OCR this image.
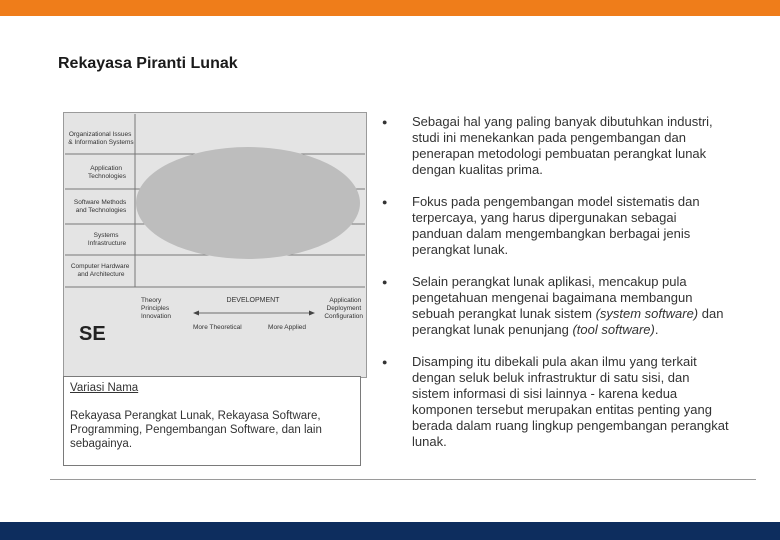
Rekayasa Piranti Lunak
Organizational Issues & Information Systems
Application Technologies
Software Methods and Technologies
Systems Infrastructure
Computer Hardware and Architecture
Theory Principles Innovation
DEVELOPMENT	Application Deployment Configuration
More Theoretical	More Applied
SE
Variasi Nama
Rekayasa Perangkat Lunak, Rekayasa Software, Programming, Pengembangan Software, dan lain sebagainya.
● Sebagai hal yang paling banyak dibutuhkan industri, studi ini menekankan pada pengembangan dan penerapan metodologi pembuatan perangkat lunak dengan kualitas prima.
● Fokus pada pengembangan model sistematis dan terpercaya, yang harus dipergunakan sebagai panduan dalam mengembangkan berbagai jenis perangkat lunak.
● Selain perangkat lunak aplikasi, mencakup pula pengetahuan mengenai bagaimana membangun sebuah perangkat lunak sistem (system software) dan perangkat lunak penunjang (tool software).
● Disamping itu dibekali pula akan ilmu yang terkait dengan seluk beluk infrastruktur di satu sisi, dan sistem informasi di sisi lainnya - karena kedua komponen tersebut merupakan entitas penting yang berada dalam ruang lingkup pengembangan perangkat lunak.
